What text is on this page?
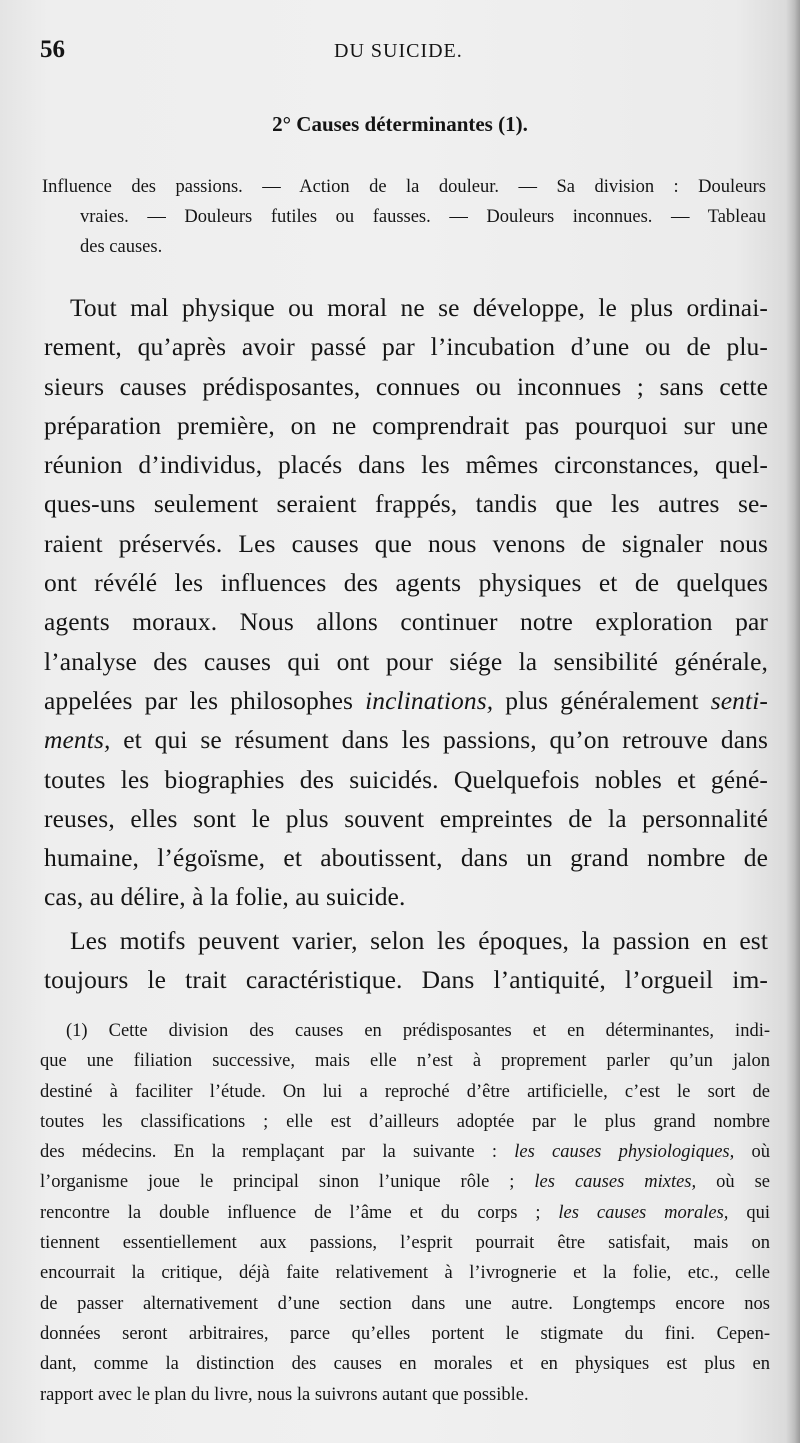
56	DU SUICIDE.
2° Causes déterminantes (1).
Influence des passions. — Action de la douleur. — Sa division : Douleurs
vraies. — Douleurs futiles ou fausses. — Douleurs inconnues. — Tableau
des causes.
Tout mal physique ou moral ne se développe, le plus ordinai-
rement, qu’après avoir passé par l’incubation d’une ou de plu-
sieurs causes prédisposantes, connues ou inconnues ; sans cette
préparation première, on ne comprendrait pas pourquoi sur une
réunion d’individus, placés dans les mêmes circonstances, quel-
ques-uns seulement seraient frappés, tandis que les autres se-
raient préservés. Les causes que nous venons de signaler nous
ont révélé les influences des agents physiques et de quelques
agents moraux. Nous allons continuer notre exploration par
l’analyse des causes qui ont pour siége la sensibilité générale,
appelées par les philosophes inclinations, plus généralement senti-
ments, et qui se résument dans les passions, qu’on retrouve dans
toutes les biographies des suicidés. Quelquefois nobles et géné-
reuses, elles sont le plus souvent empreintes de la personnalité
humaine, l’égoïsme, et aboutissent, dans un grand nombre de
cas, au délire, à la folie, au suicide.
Les motifs peuvent varier, selon les époques, la passion en est
toujours le trait caractéristique. Dans l’antiquité, l’orgueil im-
(1) Cette division des causes en prédisposantes et en déterminantes, indi-
que une filiation successive, mais elle n’est à proprement parler qu’un jalon
destiné à faciliter l’étude. On lui a reproché d’être artificielle, c’est le sort de
toutes les classifications ; elle est d’ailleurs adoptée par le plus grand nombre
des médecins. En la remplaçant par la suivante : les causes physiologiques, où
l’organisme joue le principal sinon l’unique rôle ; les causes mixtes, où se
rencontre la double influence de l’âme et du corps ; les causes morales, qui
tiennent essentiellement aux passions, l’esprit pourrait être satisfait, mais on
encourrait la critique, déjà faite relativement à l’ivrognerie et la folie, etc., celle
de passer alternativement d’une section dans une autre. Longtemps encore nos
données seront arbitraires, parce qu’elles portent le stigmate du fini. Cepen-
dant, comme la distinction des causes en morales et en physiques est plus en
rapport avec le plan du livre, nous la suivrons autant que possible.
